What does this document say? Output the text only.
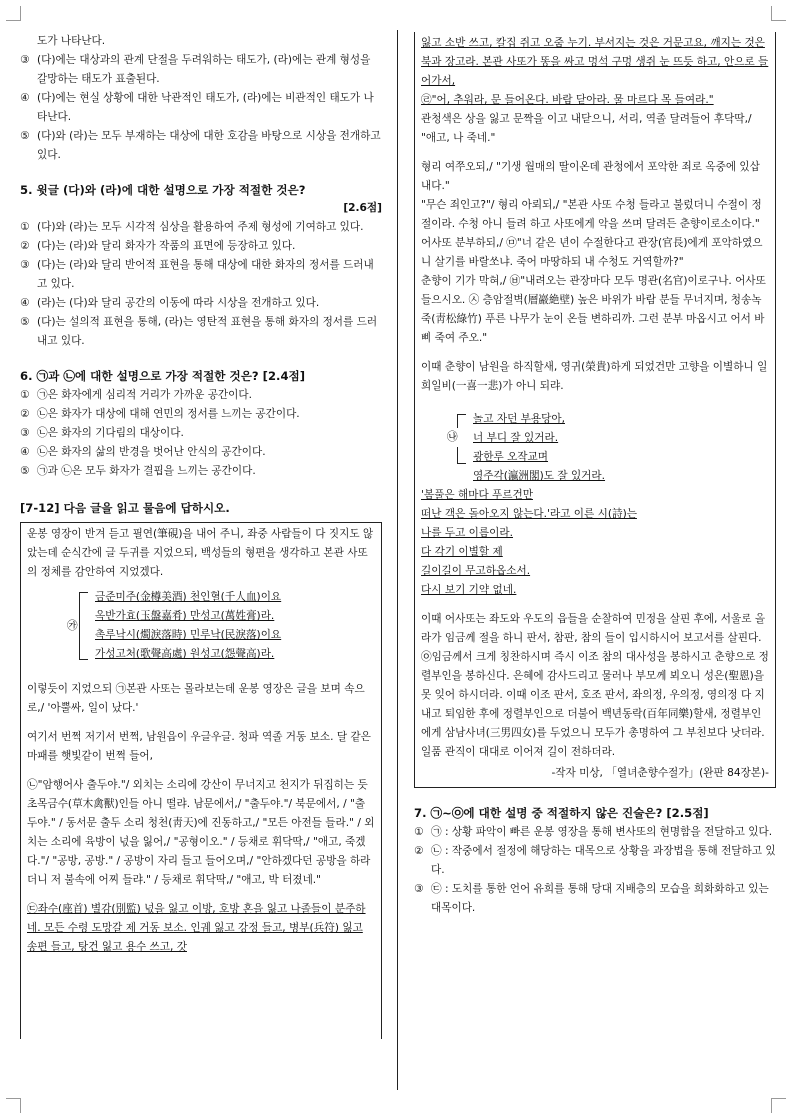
도가 나타난다.

③ (다)에는 대상과의 관계 단절을 두려워하는 태도가, (라)에는 관계 형성을 갈망하는 태도가 표출된다.

④ (다)에는 현실 상황에 대한 낙관적인 태도가, (라)에는 비관적인 태도가 나타난다.

⑤ (다)와 (라)는 모두 부재하는 대상에 대한 호감을 바탕으로 시상을 전개하고 있다.

5. 윗글 (다)와 (라)에 대한 설명으로 가장 적절한 것은?
[2.6점]

① (다)와 (라)는 모두 시각적 심상을 활용하여 주제 형성에 기여하고 있다.

② (다)는 (라)와 달리 화자가 작품의 표면에 등장하고 있다.

③ (다)는 (라)와 달리 반어적 표현을 통해 대상에 대한 화자의 정서를 드러내고 있다.

④ (라)는 (다)와 달리 공간의 이동에 따라 시상을 전개하고 있다.

⑤ (다)는 설의적 표현을 통해, (라)는 영탄적 표현을 통해 화자의 정서를 드러내고 있다.

6. ㉠과 ㉡에 대한 설명으로 가장 적절한 것은? [2.4점]

① ㉠은 화자에게 심리적 거리가 가까운 공간이다.

② ㉡은 화자가 대상에 대해 연민의 정서를 느끼는 공간이다.

③ ㉡은 화자의 기다림의 대상이다.

④ ㉡은 화자의 삶의 반경을 벗어난 안식의 공간이다.

⑤ ㉠과 ㉡은 모두 화자가 결핍을 느끼는 공간이다.

[7-12] 다음 글을 읽고 물음에 답하시오.

운봉 영장이 반겨 듣고 필연(筆硯)을 내어 주니, 좌중 사람들이 다 짓지도 않았는데 순식간에 글 두귀를 지었으되, 백성들의 형편을 생각하고 본관 사또의 정체를 감안하여 지었겠다.

㉮

금준미주(金樽美酒) 천인혈(千人血)이요

옥반가효(玉盤嘉肴) 만성고(萬姓膏)라.

촉루낙시(燭淚落時) 민루낙(民淚落)이요

가성고처(歌聲高處) 원성고(怨聲高)라.

이렇듯이 지었으되 ㉠본관 사또는 몰라보는데 운봉 영장은 글을 보며 속으로,/ '아뿔싸, 일이 났다.'

여기서 번쩍 저기서 번쩍, 남원읍이 우글우글. 청파 역졸 거동 보소. 달 같은 마패를 햇빛같이 번쩍 들어,

㉡"암행어사 출두야."/ 외치는 소리에 강산이 무너지고 천지가 뒤집히는 듯 초목금수(草木禽獸)인들 아니 떨랴. 남문에서,/ "출두야."/ 북문에서, / "출두야." / 동서문 출두 소리 청천(靑天)에 진동하고,/ "모든 아전들 들라." / 외치는 소리에 육방이 넋을 잃어,/ "공형이오." / 등채로 휘닥딱,/ "애고, 죽겠다."/ "공방, 공방." / 공방이 자리 들고 들어오며,/ "안하겠다던 공방을 하라더니 저 불속에 어찌 들랴." / 등채로 휘닥딱,/ "애고, 박 터졌네."

㉢좌수(座首) 별감(別監) 넋을 잃고 이방, 호방 혼을 잃고 나졸들이 분주하네. 모든 수령 도망갈 제 거동 보소. 인궤 잃고 강정 들고, 병부(兵符) 잃고 송편 들고, 탕건 잃고 용수 쓰고, 갓

잃고 소반 쓰고, 칼집 쥐고 오줌 누기. 부서지는 것은 거문고요, 깨지는 것은 북과 장고라. 본관 사또가 똥을 싸고 멍석 구멍 생쥐 눈 뜨듯 하고, 안으로 들어가서,

㉣"어, 추워라, 문 들어온다. 바람 닫아라. 물 마르다 목 들여라."

관청색은 상을 잃고 문짝을 이고 내닫으니, 서리, 역졸 달려들어 후닥딱,/ "애고, 나 죽네."

형리 여쭈오되,/ "기생 월매의 딸이온데 관청에서 포악한 죄로 옥중에 있삽내다."

"무슨 죄인고?"/ 형리 아뢰되,/ "본관 사또 수청 들라고 불렀더니 수절이 정절이라. 수청 아니 들려 하고 사또에게 악을 쓰며 달려든 춘향이로소이다."

어사또 분부하되,/ ㉤"너 같은 년이 수절한다고 관장(官長)에게 포악하였으니 살기를 바랄쏘냐. 죽어 마땅하되 내 수청도 거역할까?"

춘향이 기가 막혀,/ ㉥"내려오는 관장마다 모두 명관(名官)이로구나. 어사또 들으시오. ㉦ 층암절벽(層巖絶壁) 높은 바위가 바람 분들 무너지며, 청송녹죽(靑松綠竹) 푸른 나무가 눈이 온들 변하리까. 그런 분부 마옵시고 어서 바삐 죽여 주오."

이때 춘향이 남원을 하직할새, 영귀(榮貴)하게 되었건만 고향을 이별하니 일희일비(一喜一悲)가 아니 되랴.

㉯

놀고 자던 부용당아,

너 부디 잘 있거라.

광한루 오작교며

영주각(瀛洲閣)도 잘 있거라.

'봄풀은 해마다 푸르건만

떠난 객은 돌아오지 않는다.'라고 이른 시(詩)는

나를 두고 이름이라.

다 각기 이별할 제

길이길이 무고하옵소서.

다시 보기 기약 없네.

이때 어사또는 좌도와 우도의 읍들을 순찰하여 민정을 살핀 후에, 서울로 올라가 임금께 절을 하니 판서, 참판, 참의 들이 입시하시어 보고서를 살핀다. ㉧임금께서 크게 칭찬하시며 즉시 이조 참의 대사성을 봉하시고 춘향으로 정렬부인을 봉하신다. 은혜에 감사드리고 물러나 부모께 뵈오니 성은(聖恩)을 못 잊어 하시더라. 이때 이조 판서, 호조 판서, 좌의정, 우의정, 영의정 다 지내고 퇴임한 후에 정렬부인으로 더불어 백년동락(百年同樂)할새, 정렬부인에게 삼남사녀(三男四女)를 두었으니 모두가 총명하여 그 부친보다 낫더라. 일품 관직이 대대로 이어져 길이 전하더라.

-작자 미상, 「열녀춘향수절가」(완판 84장본)-
7. ㉠~㉧에 대한 설명 중 적절하지 않은 진술은? [2.5점]

① ㉠ : 상황 파악이 빠른 운봉 영장을 통해 변사또의 현명함을 전달하고 있다.

② ㉡ : 작중에서 절정에 해당하는 대목으로 상황을 과장법을 통해 전달하고 있다.

③ ㉢ : 도치를 통한 언어 유희를 통해 당대 지배층의 모습을 희화화하고 있는 대목이다.
